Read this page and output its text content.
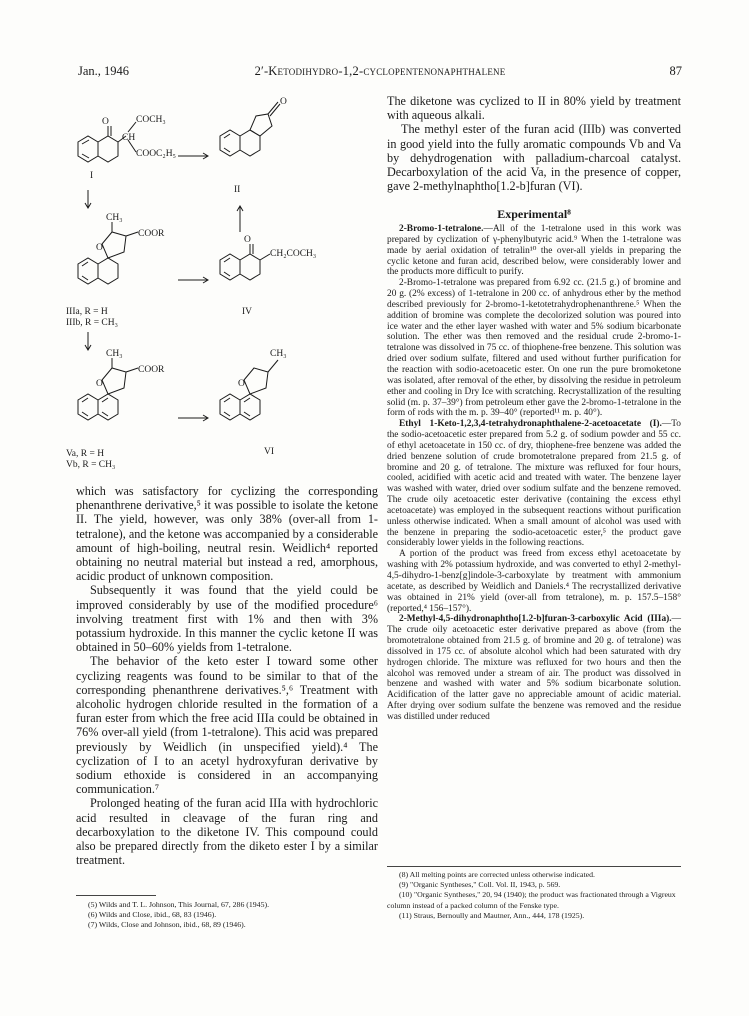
Jan., 1946	2′-Ketodihydro-1,2-cyclopentenonaphthalene	87
O	COCH₃
CH
COOC₂H₅
I
O
II
CH₃
COOR
O
IIIa, R = H
IIIb, R = CH₃
O
CH₂COCH₃
IV
CH₃
COOR
O
Va, R = H
Vb, R = CH₃
CH₃
O
VI

which was satisfactory for cyclizing the corresponding phenanthrene derivative,⁵ it was possible to isolate the ketone II. The yield, however, was only 38% (over-all from 1-tetralone), and the ketone was accompanied by a considerable amount of high-boiling, neutral resin. Weidlich⁴ reported obtaining no neutral material but instead a red, amorphous, acidic product of unknown composition.

Subsequently it was found that the yield could be improved considerably by use of the modified procedure⁶ involving treatment first with 1% and then with 3% potassium hydroxide. In this manner the cyclic ketone II was obtained in 50–60% yields from 1-tetralone.

The behavior of the keto ester I toward some other cyclizing reagents was found to be similar to that of the corresponding phenanthrene derivatives.⁵,⁶ Treatment with alcoholic hydrogen chloride resulted in the formation of a furan ester from which the free acid IIIa could be obtained in 76% over-all yield (from 1-tetralone). This acid was prepared previously by Weidlich (in unspecified yield).⁴ The cyclization of I to an acetyl hydroxyfuran derivative by sodium ethoxide is considered in an accompanying communication.⁷

Prolonged heating of the furan acid IIIa with hydrochloric acid resulted in cleavage of the furan ring and decarboxylation to the diketone IV. This compound could also be prepared directly from the diketo ester I by a similar treatment.

(5) Wilds and T. L. Johnson, This Journal, 67, 286 (1945).
(6) Wilds and Close, ibid., 68, 83 (1946).
(7) Wilds, Close and Johnson, ibid., 68, 89 (1946).

The diketone was cyclized to II in 80% yield by treatment with aqueous alkali.

The methyl ester of the furan acid (IIIb) was converted in good yield into the fully aromatic compounds Vb and Va by dehydrogenation with palladium-charcoal catalyst. Decarboxylation of the acid Va, in the presence of copper, gave 2-methylnaphtho[1.2-b]furan (VI).

Experimental⁸

2-Bromo-1-tetralone.—All of the 1-tetralone used in this work was prepared by cyclization of γ-phenylbutyric acid.⁹ When the 1-tetralone was made by aerial oxidation of tetralin¹⁰ the over-all yields in preparing the cyclic ketone and furan acid, described below, were considerably lower and the products more difficult to purify.

2-Bromo-1-tetralone was prepared from 6.92 cc. (21.5 g.) of bromine and 20 g. (2% excess) of 1-tetralone in 200 cc. of anhydrous ether by the method described previously for 2-bromo-1-ketotetrahydrophenanthrene.⁵ When the addition of bromine was complete the decolorized solution was poured into ice water and the ether layer washed with water and 5% sodium bicarbonate solution. The ether was then removed and the residual crude 2-bromo-1-tetralone was dissolved in 75 cc. of thiophene-free benzene. This solution was dried over sodium sulfate, filtered and used without further purification for the reaction with sodio-acetoacetic ester. On one run the pure bromoketone was isolated, after removal of the ether, by dissolving the residue in petroleum ether and cooling in Dry Ice with scratching. Recrystallization of the resulting solid (m. p. 37–39°) from petroleum ether gave the 2-bromo-1-tetralone in the form of rods with the m. p. 39–40° (reported¹¹ m. p. 40°).

Ethyl 1-Keto-1,2,3,4-tetrahydronaphthalene-2-acetoacetate (I).—To the sodio-acetoacetic ester prepared from 5.2 g. of sodium powder and 55 cc. of ethyl acetoacetate in 150 cc. of dry, thiophene-free benzene was added the dried benzene solution of crude bromotetralone prepared from 21.5 g. of bromine and 20 g. of tetralone. The mixture was refluxed for four hours, cooled, acidified with acetic acid and treated with water. The benzene layer was washed with water, dried over sodium sulfate and the benzene removed. The crude oily acetoacetic ester derivative (containing the excess ethyl acetoacetate) was employed in the subsequent reactions without purification unless otherwise indicated. When a small amount of alcohol was used with the benzene in preparing the sodio-acetoacetic ester,⁵ the product gave considerably lower yields in the following reactions.

A portion of the product was freed from excess ethyl acetoacetate by washing with 2% potassium hydroxide, and was converted to ethyl 2-methyl-4,5-dihydro-1-benz[g]indole-3-carboxylate by treatment with ammonium acetate, as described by Weidlich and Daniels.⁴ The recrystallized derivative was obtained in 21% yield (over-all from tetralone), m. p. 157.5–158° (reported,⁴ 156–157°).

2-Methyl-4,5-dihydronaphtho[1.2-b]furan-3-carboxylic Acid (IIIa).—The crude oily acetoacetic ester derivative prepared as above (from the bromotetralone obtained from 21.5 g. of bromine and 20 g. of tetralone) was dissolved in 175 cc. of absolute alcohol which had been saturated with dry hydrogen chloride. The mixture was refluxed for two hours and then the alcohol was removed under a stream of air. The product was dissolved in benzene and washed with water and 5% sodium bicarbonate solution. Acidification of the latter gave no appreciable amount of acidic material. After drying over sodium sulfate the benzene was removed and the residue was distilled under reduced

(8) All melting points are corrected unless otherwise indicated.
(9) "Organic Syntheses," Coll. Vol. II, 1943, p. 569.
(10) "Organic Syntheses," 20, 94 (1940); the product was fractionated through a Vigreux column instead of a packed column of the Fenske type.
(11) Straus, Bernoully and Mautner, Ann., 444, 178 (1925).
